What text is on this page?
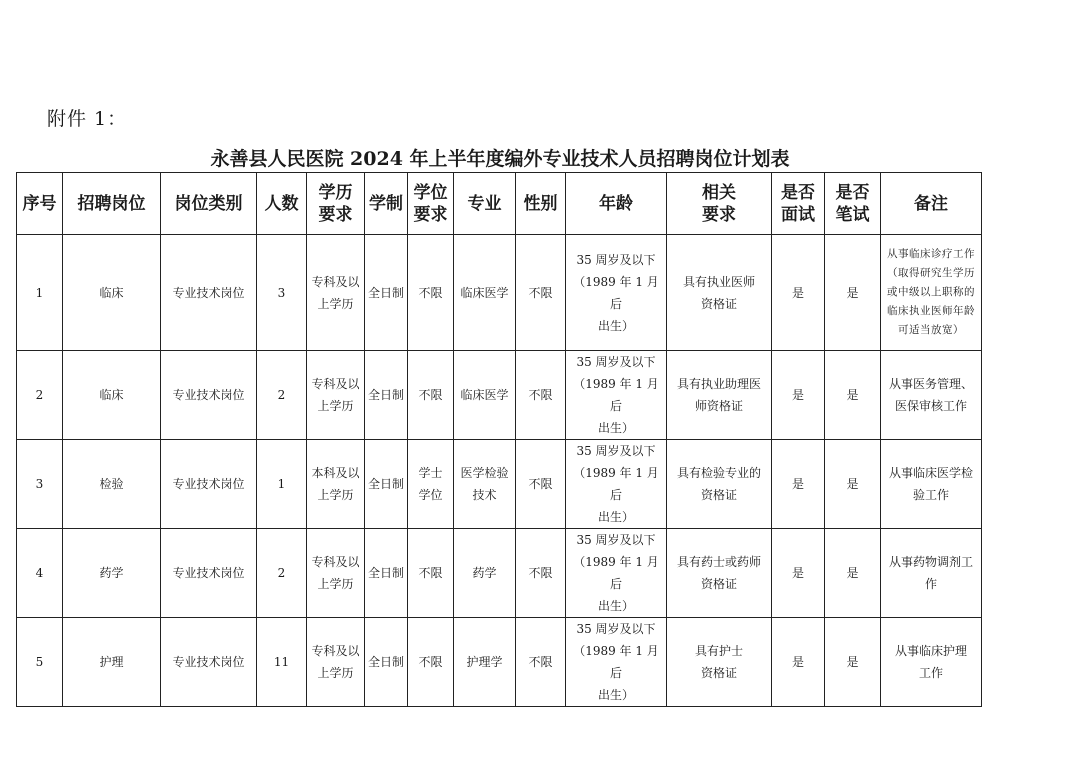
附件 1：
永善县人民医院 2024 年上半年度编外专业技术人员招聘岗位计划表
序号	招聘岗位	岗位类别	人数	学历
要求	学制	学位
要求	专业	性别	年龄	相关
要求	是否
面试	是否
笔试	备注
1	临床	专业技术岗位	3	专科及以
上学历	全日制	不限	临床医学	不限	35 周岁及以下
（1989 年 1 月后
出生）	具有执业医师
资格证	是	是	从事临床诊疗工作（取得研究生学历或中级以上职称的临床执业医师年龄可适当放宽）
2	临床	专业技术岗位	2	专科及以
上学历	全日制	不限	临床医学	不限	35 周岁及以下
（1989 年 1 月后
出生）	具有执业助理医
师资格证	是	是	从事医务管理、
医保审核工作
3	检验	专业技术岗位	1	本科及以
上学历	全日制	学士
学位	医学检验
技术	不限	35 周岁及以下
（1989 年 1 月后
出生）	具有检验专业的
资格证	是	是	从事临床医学检
验工作
4	药学	专业技术岗位	2	专科及以
上学历	全日制	不限	药学	不限	35 周岁及以下
（1989 年 1 月后
出生）	具有药士或药师
资格证	是	是	从事药物调剂工
作
5	护理	专业技术岗位	11	专科及以
上学历	全日制	不限	护理学	不限	35 周岁及以下
（1989 年 1 月后
出生）	具有护士
资格证	是	是	从事临床护理
工作
